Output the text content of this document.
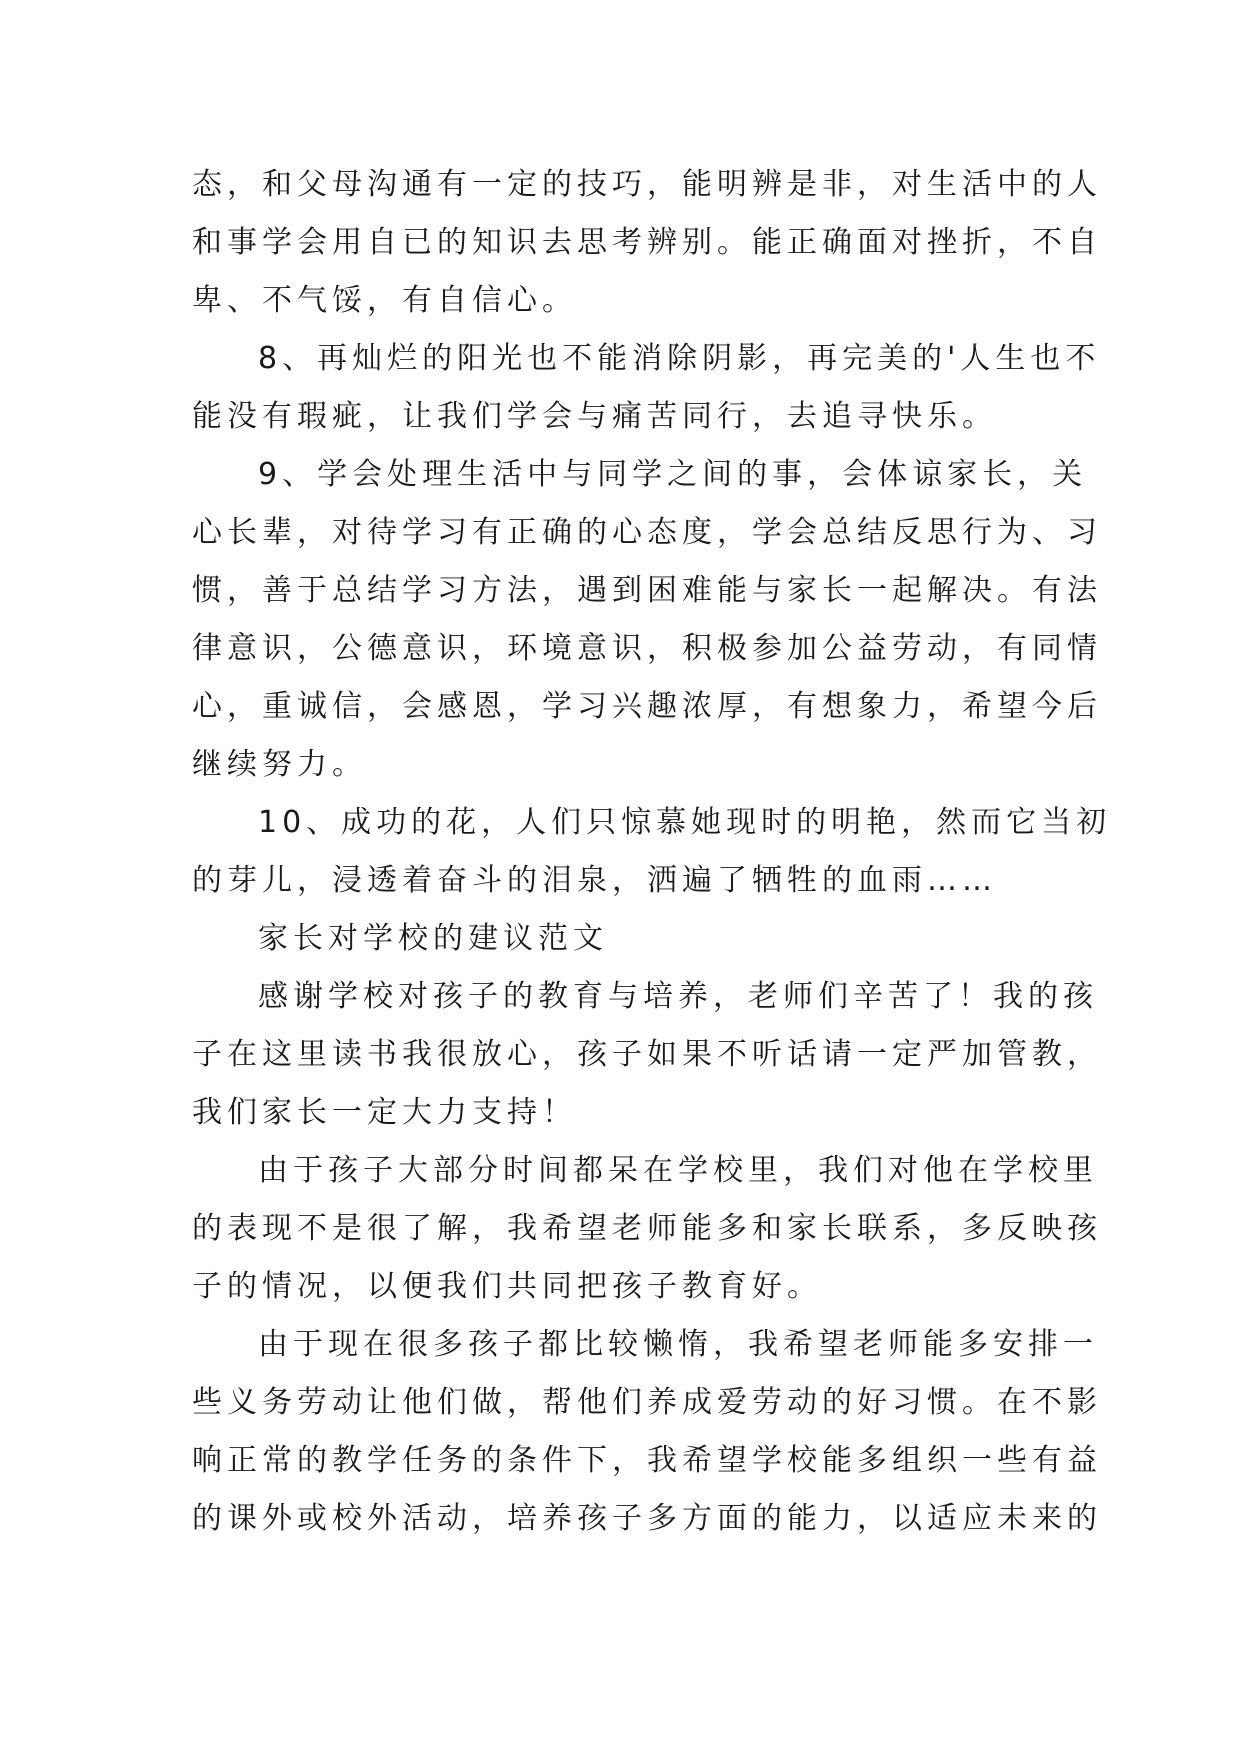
态，和父母沟通有一定的技巧，能明辨是非，对生活中的人
和事学会用自已的知识去思考辨别。能正确面对挫折，不自
卑、不气馁，有自信心。
8、再灿烂的阳光也不能消除阴影，再完美的'人生也不
能没有瑕疵，让我们学会与痛苦同行，去追寻快乐。
9、学会处理生活中与同学之间的事，会体谅家长，关
心长辈，对待学习有正确的心态度，学会总结反思行为、习
惯，善于总结学习方法，遇到困难能与家长一起解决。有法
律意识，公德意识，环境意识，积极参加公益劳动，有同情
心，重诚信，会感恩，学习兴趣浓厚，有想象力，希望今后
继续努力。
10、成功的花，人们只惊慕她现时的明艳，然而它当初
的芽儿，浸透着奋斗的泪泉，洒遍了牺牲的血雨……
家长对学校的建议范文
感谢学校对孩子的教育与培养，老师们辛苦了！我的孩
子在这里读书我很放心，孩子如果不听话请一定严加管教，
我们家长一定大力支持！
由于孩子大部分时间都呆在学校里，我们对他在学校里
的表现不是很了解，我希望老师能多和家长联系，多反映孩
子的情况，以便我们共同把孩子教育好。
由于现在很多孩子都比较懒惰，我希望老师能多安排一
些义务劳动让他们做，帮他们养成爱劳动的好习惯。在不影
响正常的教学任务的条件下，我希望学校能多组织一些有益
的课外或校外活动，培养孩子多方面的能力，以适应未来的
